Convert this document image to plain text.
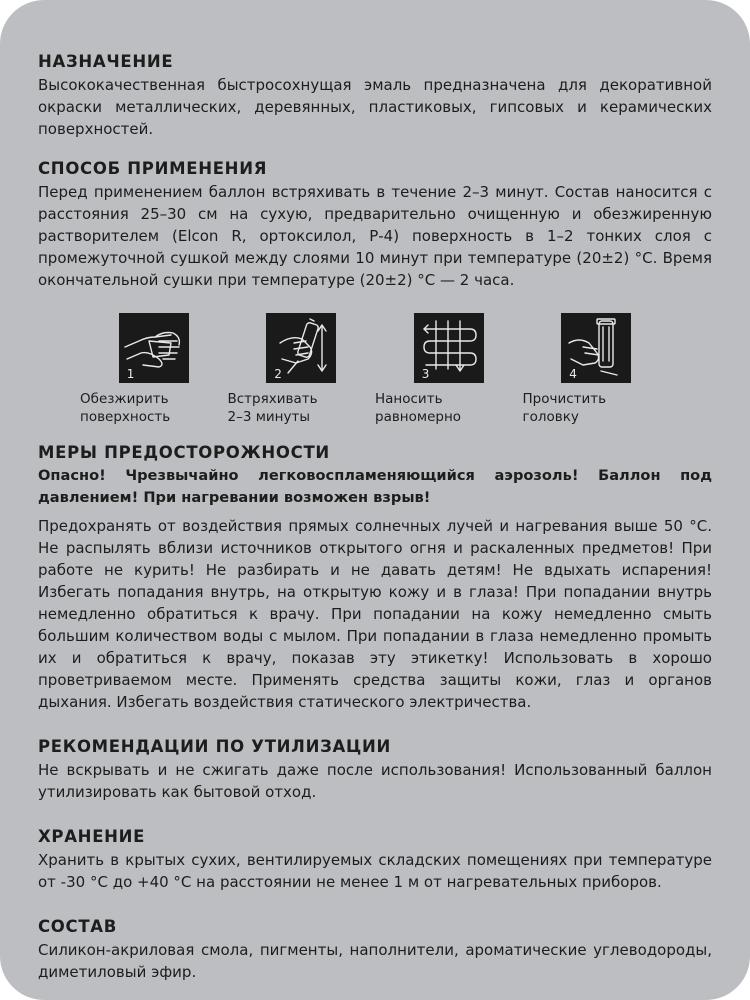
НАЗНАЧЕНИЕ

Высококачественная быстросохнущая эмаль предназначена для декоративной окраски металлических, деревянных, пластиковых, гипсовых и керамических поверхностей.

СПОСОБ ПРИМЕНЕНИЯ

Перед применением баллон встряхивать в течение 2–3 минут. Состав наносится с расстояния 25–30 см на сухую, предварительно очищенную и обезжиренную растворителем (Elcon R, ортоксилол, Р-4) поверхность в 1–2 тонких слоя с промежуточной сушкой между слоями 10 минут при температуре (20±2) °С. Время окончательной сушки при температуре (20±2) °С — 2 часа.

1

Обезжирить
поверхность

2

Встряхивать
2–3 минуты

3

Наносить
равномерно

4

Прочистить
головку

МЕРЫ ПРЕДОСТОРОЖНОСТИ

Опасно! Чрезвычайно легковоспламеняющийся аэрозоль! Баллон под давлением! При нагревании возможен взрыв!

Предохранять от воздействия прямых солнечных лучей и нагревания выше 50 °С. Не распылять вблизи источников открытого огня и раскаленных предметов! При работе не курить! Не разбирать и не давать детям! Не вдыхать испарения! Избегать попадания внутрь, на открытую кожу и в глаза! При попадании внутрь немедленно обратиться к врачу. При попадании на кожу немедленно смыть большим количеством воды с мылом. При попадании в глаза немедленно промыть их и обратиться к врачу, показав эту этикетку! Использовать в хорошо проветриваемом месте. Применять средства защиты кожи, глаз и органов дыхания. Избегать воздействия статического электричества.

РЕКОМЕНДАЦИИ ПО УТИЛИЗАЦИИ

Не вскрывать и не сжигать даже после использования! Использованный баллон утилизировать как бытовой отход.

ХРАНЕНИЕ

Хранить в крытых сухих, вентилируемых складских помещениях при температуре от -30 °С до +40 °С на расстоянии не менее 1 м от нагревательных приборов.

СОСТАВ

Силикон-акриловая смола, пигменты, наполнители, ароматические углеводороды, диметиловый эфир.
